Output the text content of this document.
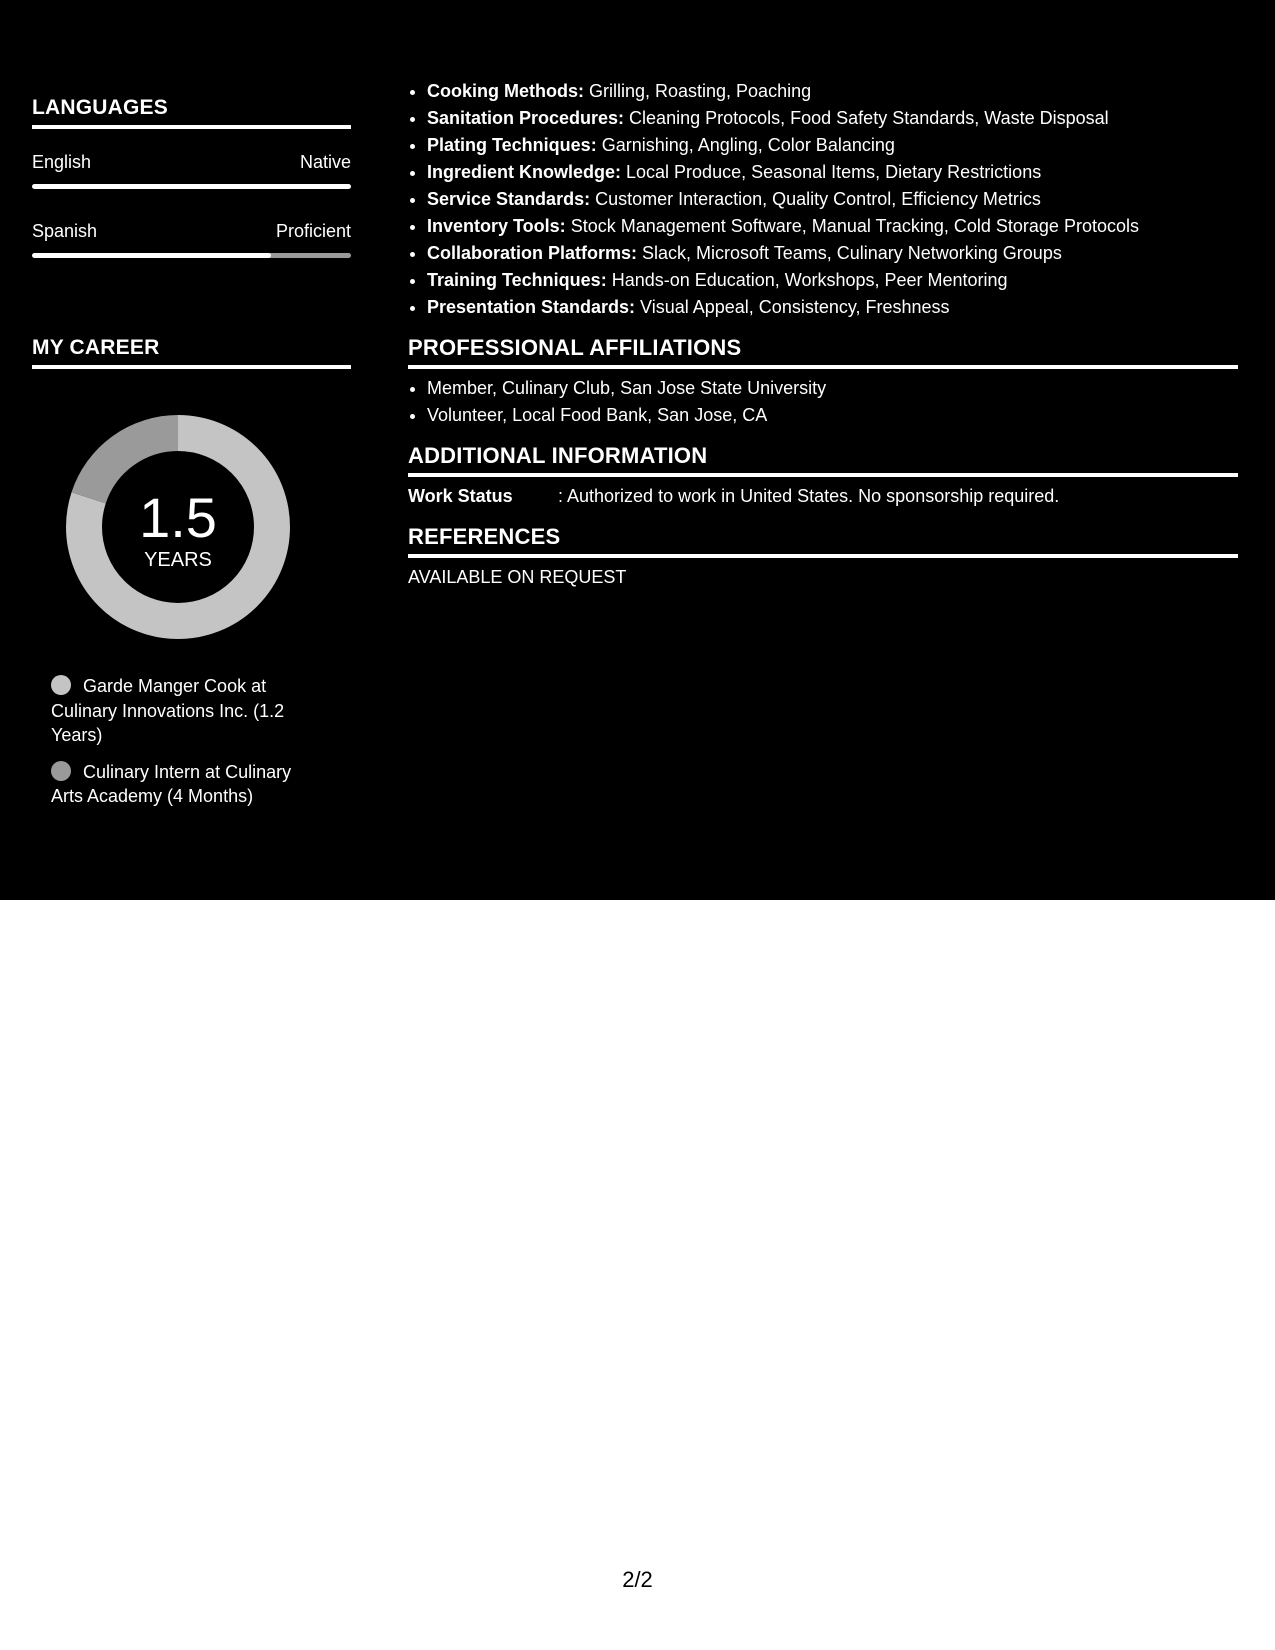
LANGUAGES
English	Native
Spanish	Proficient
MY CAREER
1.5
YEARS
Garde Manger Cook at Culinary Innovations Inc. (1.2 Years)
Culinary Intern at Culinary Arts Academy (4 Months)
• Cooking Methods: Grilling, Roasting, Poaching
• Sanitation Procedures: Cleaning Protocols, Food Safety Standards, Waste Disposal
• Plating Techniques: Garnishing, Angling, Color Balancing
• Ingredient Knowledge: Local Produce, Seasonal Items, Dietary Restrictions
• Service Standards: Customer Interaction, Quality Control, Efficiency Metrics
• Inventory Tools: Stock Management Software, Manual Tracking, Cold Storage Protocols
• Collaboration Platforms: Slack, Microsoft Teams, Culinary Networking Groups
• Training Techniques: Hands-on Education, Workshops, Peer Mentoring
• Presentation Standards: Visual Appeal, Consistency, Freshness
PROFESSIONAL AFFILIATIONS
• Member, Culinary Club, San Jose State University
• Volunteer, Local Food Bank, San Jose, CA
ADDITIONAL INFORMATION
Work Status	: Authorized to work in United States. No sponsorship required.
REFERENCES
AVAILABLE ON REQUEST
2/2
